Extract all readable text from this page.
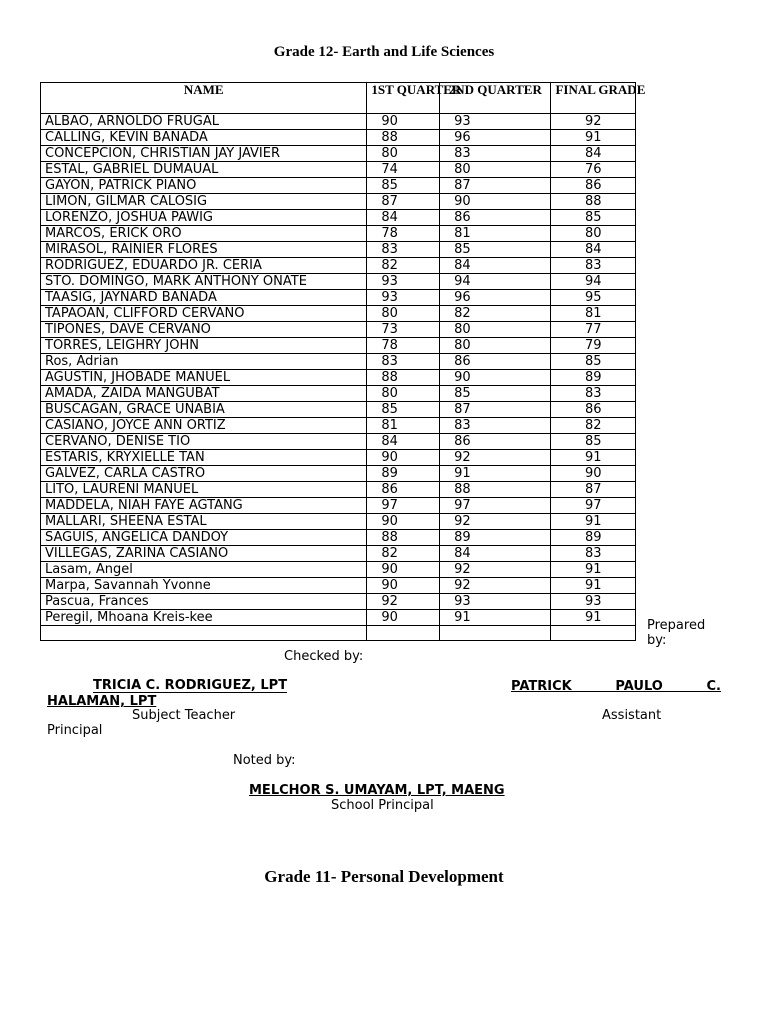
Grade 12- Earth and Life Sciences
NAME	1ST QUARTER	2ND QUARTER	FINAL GRADE
ALBAO, ARNOLDO FRUGAL	90	93	92
CALLING, KEVIN BANADA	88	96	91
CONCEPCION, CHRISTIAN JAY JAVIER	80	83	84
ESTAL, GABRIEL DUMAUAL	74	80	76
GAYON, PATRICK PIANO	85	87	86
LIMON, GILMAR CALOSIG	87	90	88
LORENZO, JOSHUA PAWIG	84	86	85
MARCOS, ERICK ORO	78	81	80
MIRASOL, RAINIER FLORES	83	85	84
RODRIGUEZ, EDUARDO JR. CERIA	82	84	83
STO. DOMINGO, MARK ANTHONY ONATE	93	94	94
TAASIG, JAYNARD BANADA	93	96	95
TAPAOAN, CLIFFORD CERVANO	80	82	81
TIPONES, DAVE CERVANO	73	80	77
TORRES, LEIGHRY JOHN	78	80	79
Ros, Adrian	83	86	85
AGUSTIN, JHOBADE MANUEL	88	90	89
AMADA, ZAIDA MANGUBAT	80	85	83
BUSCAGAN, GRACE UNABIA	85	87	86
CASIANO, JOYCE ANN ORTIZ	81	83	82
CERVANO, DENISE TIO	84	86	85
ESTARIS, KRYXIELLE TAN	90	92	91
GALVEZ, CARLA CASTRO	89	91	90
LITO, LAURENI MANUEL	86	88	87
MADDELA, NIAH FAYE AGTANG	97	97	97
MALLARI, SHEENA ESTAL	90	92	91
SAGUIS, ANGELICA DANDOY	88	89	89
VILLEGAS, ZARINA CASIANO	82	84	83
Lasam, Angel	90	92	91
Marpa, Savannah Yvonne	90	92	91
Pascua, Frances	92	93	93
Peregil, Mhoana Kreis-kee	90	91	91

Prepared by:
Checked by:
TRICIA C. RODRIGUEZ, LPT	PATRICK PAULO C.
HALAMAN, LPT
Subject Teacher	Assistant
Principal
Noted by:
MELCHOR S. UMAYAM, LPT, MAENG
School Principal
Grade 11- Personal Development
